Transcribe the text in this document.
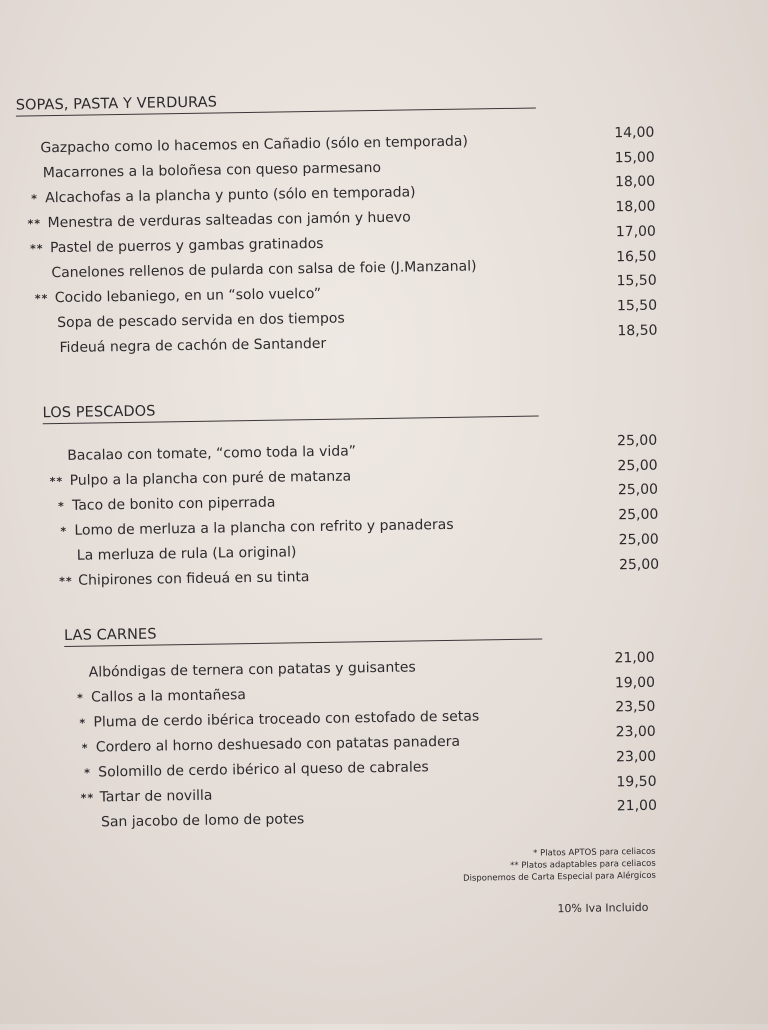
SOPAS, PASTA Y VERDURAS
Gazpacho como lo hacemos en Cañadio (sólo en temporada)
14,00
Macarrones a la boloñesa con queso parmesano
15,00
* Alcachofas a la plancha y punto (sólo en temporada)
18,00
** Menestra de verduras salteadas con jamón y huevo
18,00
** Pastel de puerros y gambas gratinados
17,00
Canelones rellenos de pularda con salsa de foie (J.Manzanal)
16,50
** Cocido lebaniego, en un “solo vuelco”
15,50
Sopa de pescado servida en dos tiempos
15,50
Fideuá negra de cachón de Santander
18,50
LOS PESCADOS
Bacalao con tomate, “como toda la vida”
25,00
** Pulpo a la plancha con puré de matanza
25,00
* Taco de bonito con piperrada
25,00
* Lomo de merluza a la plancha con refrito y panaderas
25,00
La merluza de rula (La original)
25,00
** Chipirones con fideuá en su tinta
25,00
LAS CARNES
Albóndigas de ternera con patatas y guisantes
21,00
* Callos a la montañesa
19,00
* Pluma de cerdo ibérica troceado con estofado de setas
23,50
* Cordero al horno deshuesado con patatas panadera
23,00
* Solomillo de cerdo ibérico al queso de cabrales
23,00
** Tartar de novilla
19,50
San jacobo de lomo de potes
21,00
* Platos APTOS para celiacos
** Platos adaptables para celiacos
Disponemos de Carta Especial para Alérgicos
10% Iva Incluido
